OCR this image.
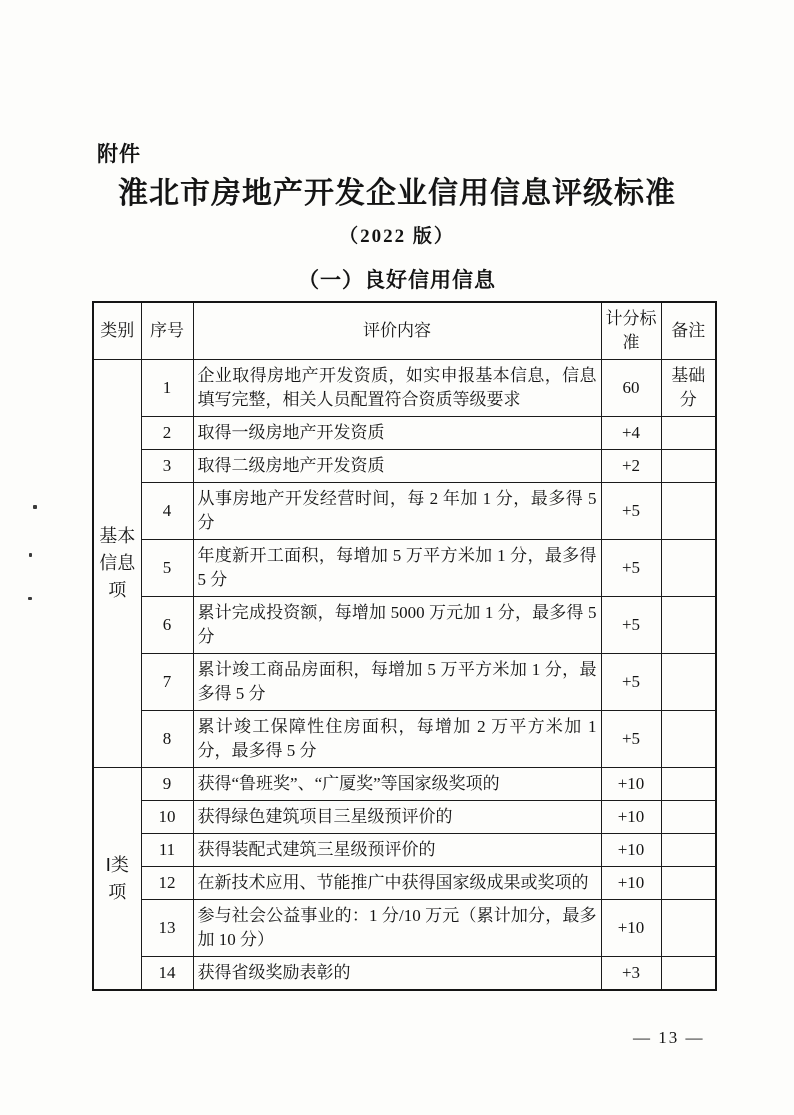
附件
淮北市房地产开发企业信用信息评级标准
（2022 版）
（一）良好信用信息
类别	序号	评价内容	计分标准	备注
基本信息项	1	企业取得房地产开发资质，如实申报基本信息，信息填写完整，相关人员配置符合资质等级要求	60	基础分
	2	取得一级房地产开发资质	+4	
	3	取得二级房地产开发资质	+2	
	4	从事房地产开发经营时间，每 2 年加 1 分，最多得 5 分	+5	
	5	年度新开工面积，每增加 5 万平方米加 1 分，最多得 5 分	+5	
	6	累计完成投资额，每增加 5000 万元加 1 分，最多得 5 分	+5	
	7	累计竣工商品房面积，每增加 5 万平方米加 1 分，最多得 5 分	+5	
	8	累计竣工保障性住房面积，每增加 2 万平方米加 1 分，最多得 5 分	+5	
Ⅰ类项	9	获得“鲁班奖”、“广厦奖”等国家级奖项的	+10	
	10	获得绿色建筑项目三星级预评价的	+10	
	11	获得装配式建筑三星级预评价的	+10	
	12	在新技术应用、节能推广中获得国家级成果或奖项的	+10	
	13	参与社会公益事业的：1 分/10 万元（累计加分，最多加 10 分）	+10	
	14	获得省级奖励表彰的	+3	
— 13 —
